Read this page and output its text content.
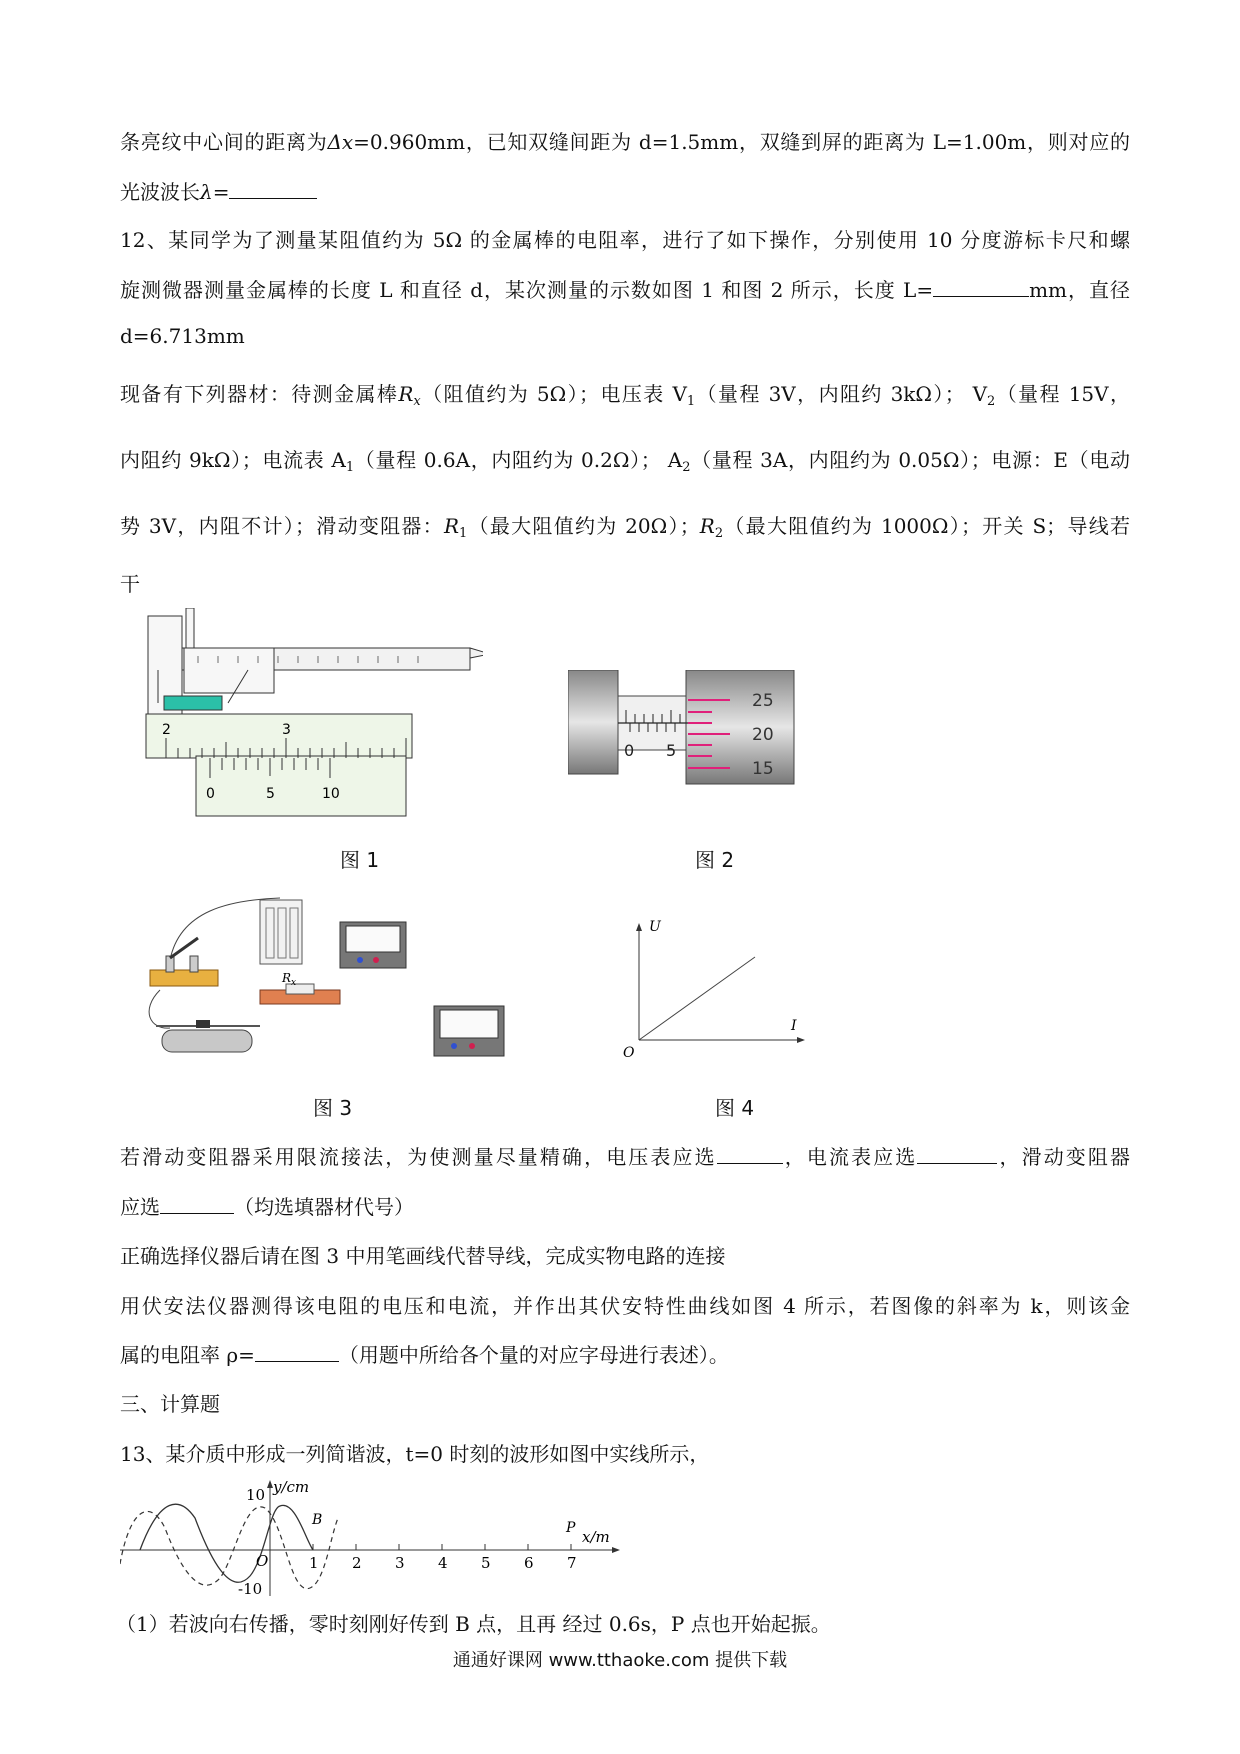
条亮纹中心间的距离为Δx=0.960mm，已知双缝间距为 d=1.5mm，双缝到屏的距离为 L=1.00m，则对应的
光波波长λ=
12、某同学为了测量某阻值约为 5Ω 的金属棒的电阻率，进行了如下操作，分别使用 10 分度游标卡尺和螺
旋测微器测量金属棒的长度 L 和直径 d，某次测量的示数如图 1 和图 2 所示，长度 L=	mm，直径
d=6.713mm
现备有下列器材：待测金属棒$R_x$（阻值约为 5Ω）；电压表 $V_1$（量程 3V，内阻约 3kΩ）； $V_2$（量程 15V，
内阻约 9kΩ）；电流表 $A_1$（量程 0.6A，内阻约为 0.2Ω）； $A_2$（量程 3A，内阻约为 0.05Ω）；电源：E（电动
势 3V，内阻不计）；滑动变阻器：$R_1$（最大阻值约为 20Ω）；$R_2$（最大阻值约为 1000Ω）；开关 S；导线若
干
2	3
0	5	10
图 1
0 5
25
20
15
图 2
R x
图 3
U
I
O
图 4
若滑动变阻器采用限流接法，为使测量尽量精确，电压表应选	，电流表应选	，滑动变阻器
应选	（均选填器材代号）
正确选择仪器后请在图 3 中用笔画线代替导线，完成实物电路的连接
用伏安法仪器测得该电阻的电压和电流，并作出其伏安特性曲线如图 4 所示，若图像的斜率为 k，则该金
属的电阻率 ρ=	（用题中所给各个量的对应字母进行表述）。
三、计算题
13、某介质中形成一列简谐波，t=0 时刻的波形如图中实线所示，
y/cm
x/m
10
-10
O
B	P
1 2 3 4 5 6 7
（1）若波向右传播，零时刻刚好传到 B 点，且再 经过 0.6s，P 点也开始起振。
通通好课网 www.tthaoke.com 提供下载
